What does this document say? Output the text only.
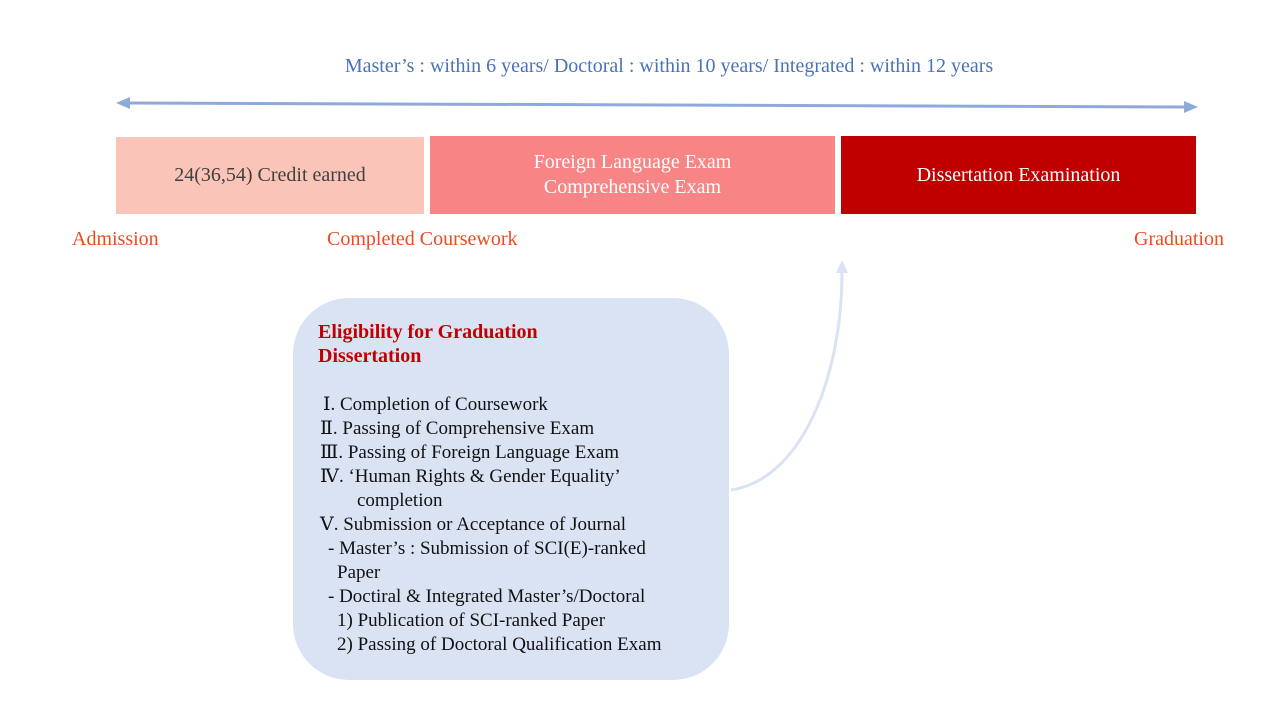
Master’s : within 6 years/ Doctoral : within 10 years/ Integrated : within 12 years
24(36,54) Credit earned
Foreign Language Exam
Comprehensive Exam
Dissertation Examination
Admission	Completed Coursework	Graduation
Eligibility for Graduation
Dissertation
Ⅰ. Completion of Coursework
Ⅱ. Passing of Comprehensive Exam
Ⅲ. Passing of Foreign Language Exam
Ⅳ. ‘Human Rights & Gender Equality’
completion
Ⅴ. Submission or Acceptance of Journal
- Master’s : Submission of SCI(E)-ranked
Paper
- Doctiral & Integrated Master’s/Doctoral
1) Publication of SCI-ranked Paper
2) Passing of Doctoral Qualification Exam
